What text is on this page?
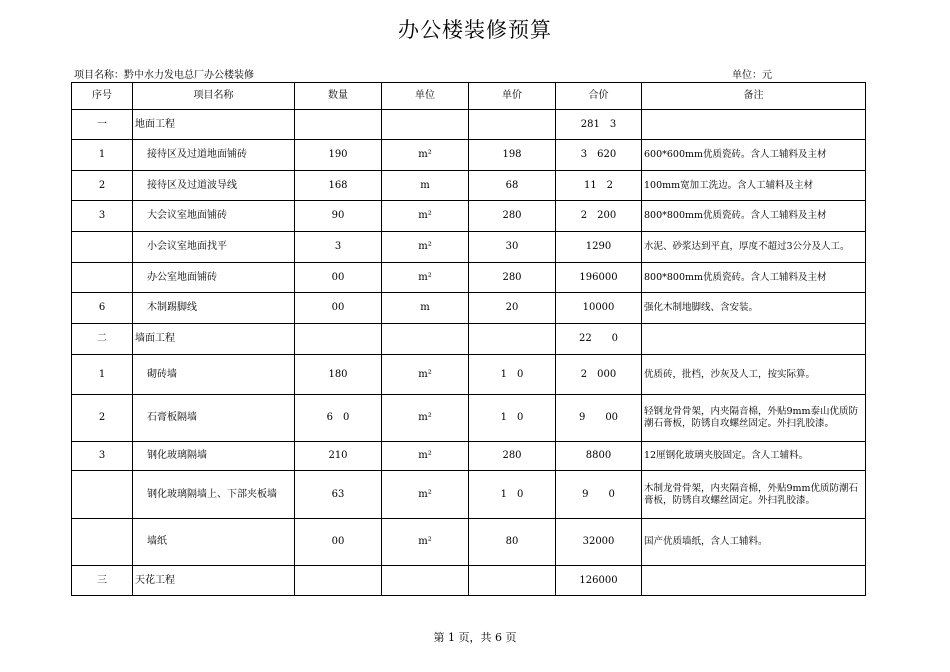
办公楼装修预算
项目名称：黔中水力发电总厂办公楼装修	单位：元
序号	项目名称	数量	单位	单价	合价	备注
一	地面工程				281　3	
1	接待区及过道地面铺砖	190	m²	198	3　620	600*600mm优质瓷砖。含人工辅料及主材
2	接待区及过道波导线	168	m	68	11　2	100mm宽加工洗边。含人工辅料及主材
3	大会议室地面铺砖	90	m²	280	2　200	800*800mm优质瓷砖。含人工辅料及主材
	小会议室地面找平	3	m²	30	1290	水泥、砂浆达到平直，厚度不超过3公分及人工。
	办公室地面铺砖	00	m²	280	196000	800*800mm优质瓷砖。含人工辅料及主材
6	木制踢脚线	00	m	20	10000	强化木制地脚线、含安装。
二	墙面工程				22　　0	
1	砌砖墙	180	m²	1　0	2　000	优质砖，批档，沙灰及人工，按实际算。
2	石膏板隔墙	6　0	m²	1　0	9　　00	轻钢龙骨骨架，内夹隔音棉，外贴9mm泰山优质防潮石膏板，防锈自攻螺丝固定。外扫乳胶漆。
3	钢化玻璃隔墙	210	m²	280	8800	12厘钢化玻璃夹胶固定。含人工辅料。
	钢化玻璃隔墙上、下部夹板墙	63	m²	1　0	9　　0	木制龙骨骨架，内夹隔音棉，外贴9mm优质防潮石膏板，防锈自攻螺丝固定。外扫乳胶漆。
	墙纸	00	m²	80	32000	国产优质墙纸，含人工辅料。
三	天花工程				126000	
第 1 页，共 6 页
